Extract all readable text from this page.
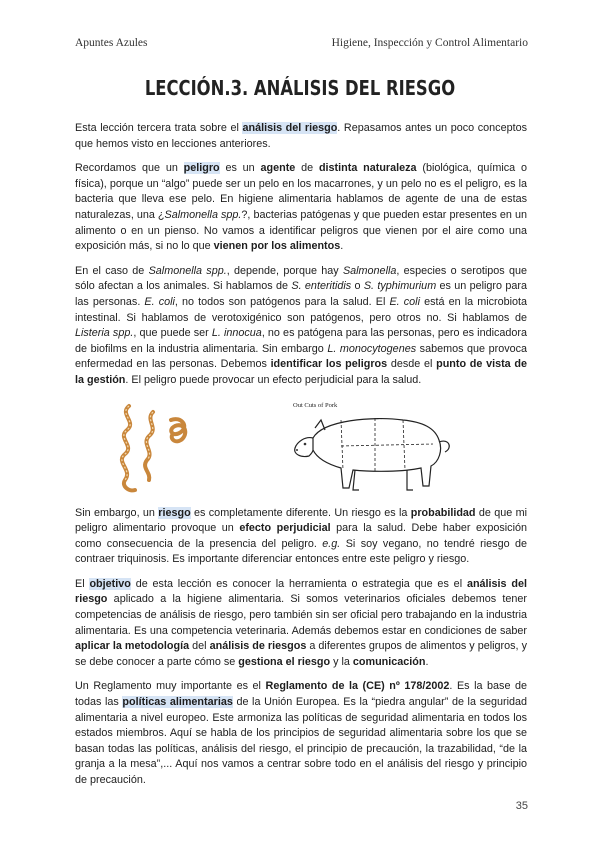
Apuntes Azules	Higiene, Inspección y Control Alimentario
LECCIÓN.3. ANÁLISIS DEL RIESGO

Esta lección tercera trata sobre el análisis del riesgo. Repasamos antes un poco conceptos que hemos visto en lecciones anteriores.

Recordamos que un peligro es un agente de distinta naturaleza (biológica, química o física), porque un “algo” puede ser un pelo en los macarrones, y un pelo no es el peligro, es la bacteria que lleva ese pelo. En higiene alimentaria hablamos de agente de una de estas naturalezas, una ¿Salmonella spp.?, bacterias patógenas y que pueden estar presentes en un alimento o en un pienso. No vamos a identificar peligros que vienen por el aire como una exposición más, si no lo que vienen por los alimentos.

En el caso de Salmonella spp., depende, porque hay Salmonella, especies o serotipos que sólo afectan a los animales. Si hablamos de S. enteritidis o S. typhimurium es un peligro para las personas. E. coli, no todos son patógenos para la salud. El E. coli está en la microbiota intestinal. Si hablamos de verotoxigénico son patógenos, pero otros no. Si hablamos de Listeria spp., que puede ser L. innocua, no es patógena para las personas, pero es indicadora de biofilms en la industria alimentaria. Sin embargo L. monocytogenes sabemos que provoca enfermedad en las personas. Debemos identificar los peligros desde el punto de vista de la gestión. El peligro puede provocar un efecto perjudicial para la salud.

Out Cuts of Pork

Sin embargo, un riesgo es completamente diferente. Un riesgo es la probabilidad de que mi peligro alimentario provoque un efecto perjudicial para la salud. Debe haber exposición como consecuencia de la presencia del peligro. e.g. Si soy vegano, no tendré riesgo de contraer triquinosis. Es importante diferenciar entonces entre este peligro y riesgo.

El objetivo de esta lección es conocer la herramienta o estrategia que es el análisis del riesgo aplicado a la higiene alimentaria. Si somos veterinarios oficiales debemos tener competencias de análisis de riesgo, pero también sin ser oficial pero trabajando en la industria alimentaria. Es una competencia veterinaria. Además debemos estar en condiciones de saber aplicar la metodología del análisis de riesgos a diferentes grupos de alimentos y peligros, y se debe conocer a parte cómo se gestiona el riesgo y la comunicación.

Un Reglamento muy importante es el Reglamento de la (CE) nº 178/2002. Es la base de todas las políticas alimentarias de la Unión Europea. Es la “piedra angular” de la seguridad alimentaria a nivel europeo. Este armoniza las políticas de seguridad alimentaria en todos los estados miembros. Aquí se habla de los principios de seguridad alimentaria sobre los que se basan todas las políticas, análisis del riesgo, el principio de precaución, la trazabilidad, “de la granja a la mesa”,... Aquí nos vamos a centrar sobre todo en el análisis del riesgo y principio de precaución.

35
